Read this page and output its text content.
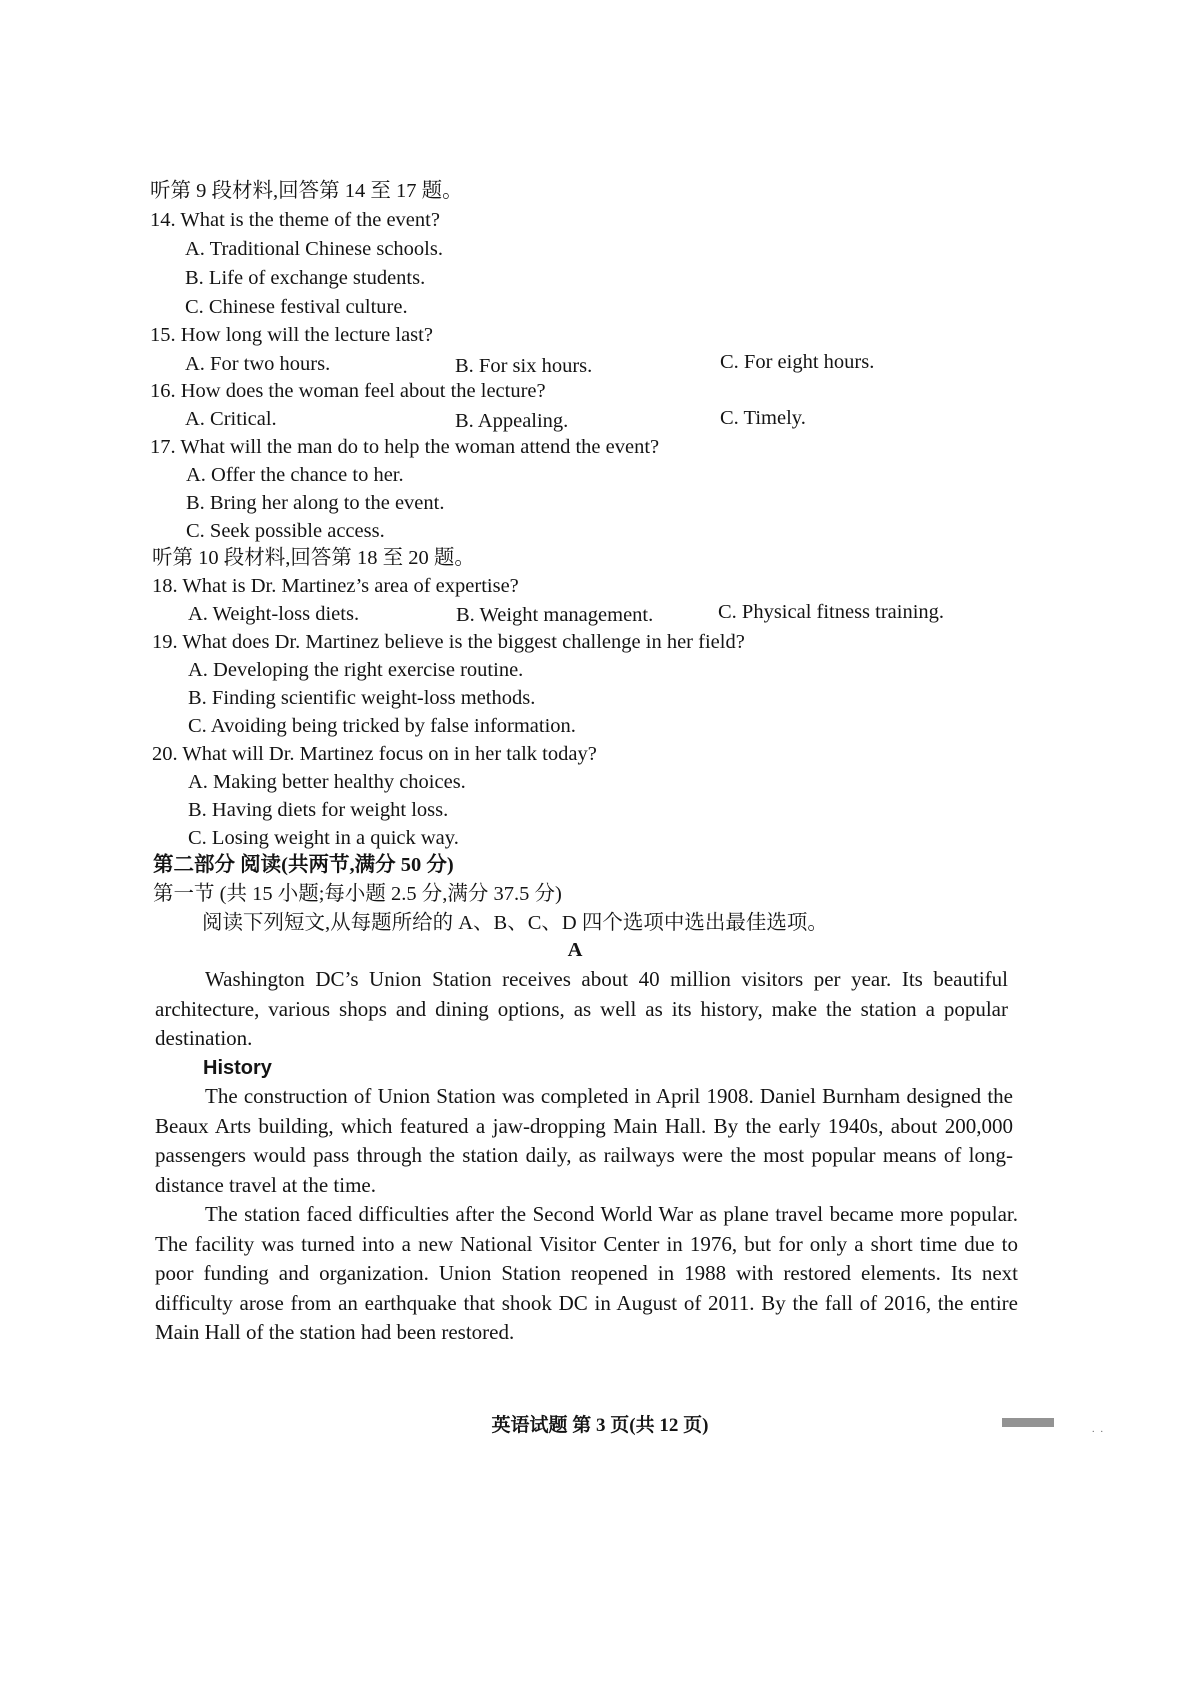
听第 9 段材料,回答第 14 至 17 题。
14. What is the theme of the event?
A. Traditional Chinese schools.
B. Life of exchange students.
C. Chinese festival culture.
15. How long will the lecture last?
A. For two hours.	B. For six hours.	C. For eight hours.
16. How does the woman feel about the lecture?
A. Critical.	B. Appealing.	C. Timely.
17. What will the man do to help the woman attend the event?
A. Offer the chance to her.
B. Bring her along to the event.
C. Seek possible access.
听第 10 段材料,回答第 18 至 20 题。
18. What is Dr. Martinez’s area of expertise?
A. Weight-loss diets.	B. Weight management.	C. Physical fitness training.
19. What does Dr. Martinez believe is the biggest challenge in her field?
A. Developing the right exercise routine.
B. Finding scientific weight-loss methods.
C. Avoiding being tricked by false information.
20. What will Dr. Martinez focus on in her talk today?
A. Making better healthy choices.
B. Having diets for weight loss.
C. Losing weight in a quick way.
第二部分 阅读(共两节,满分 50 分)
第一节 (共 15 小题;每小题 2.5 分,满分 37.5 分)
阅读下列短文,从每题所给的 A、B、C、D 四个选项中选出最佳选项。
A
Washington DC’s Union Station receives about 40 million visitors per year. Its beautiful architecture, various shops and dining options, as well as its history, make the station a popular destination.
History
The construction of Union Station was completed in April 1908. Daniel Burnham designed the Beaux Arts building, which featured a jaw-dropping Main Hall. By the early 1940s, about 200,000 passengers would pass through the station daily, as railways were the most popular means of long-distance travel at the time.
The station faced difficulties after the Second World War as plane travel became more popular. The facility was turned into a new National Visitor Center in 1976, but for only a short time due to poor funding and organization. Union Station reopened in 1988 with restored elements. Its next difficulty arose from an earthquake that shook DC in August of 2011. By the fall of 2016, the entire Main Hall of the station had been restored.
英语试题 第 3 页(共 12 页)	..
